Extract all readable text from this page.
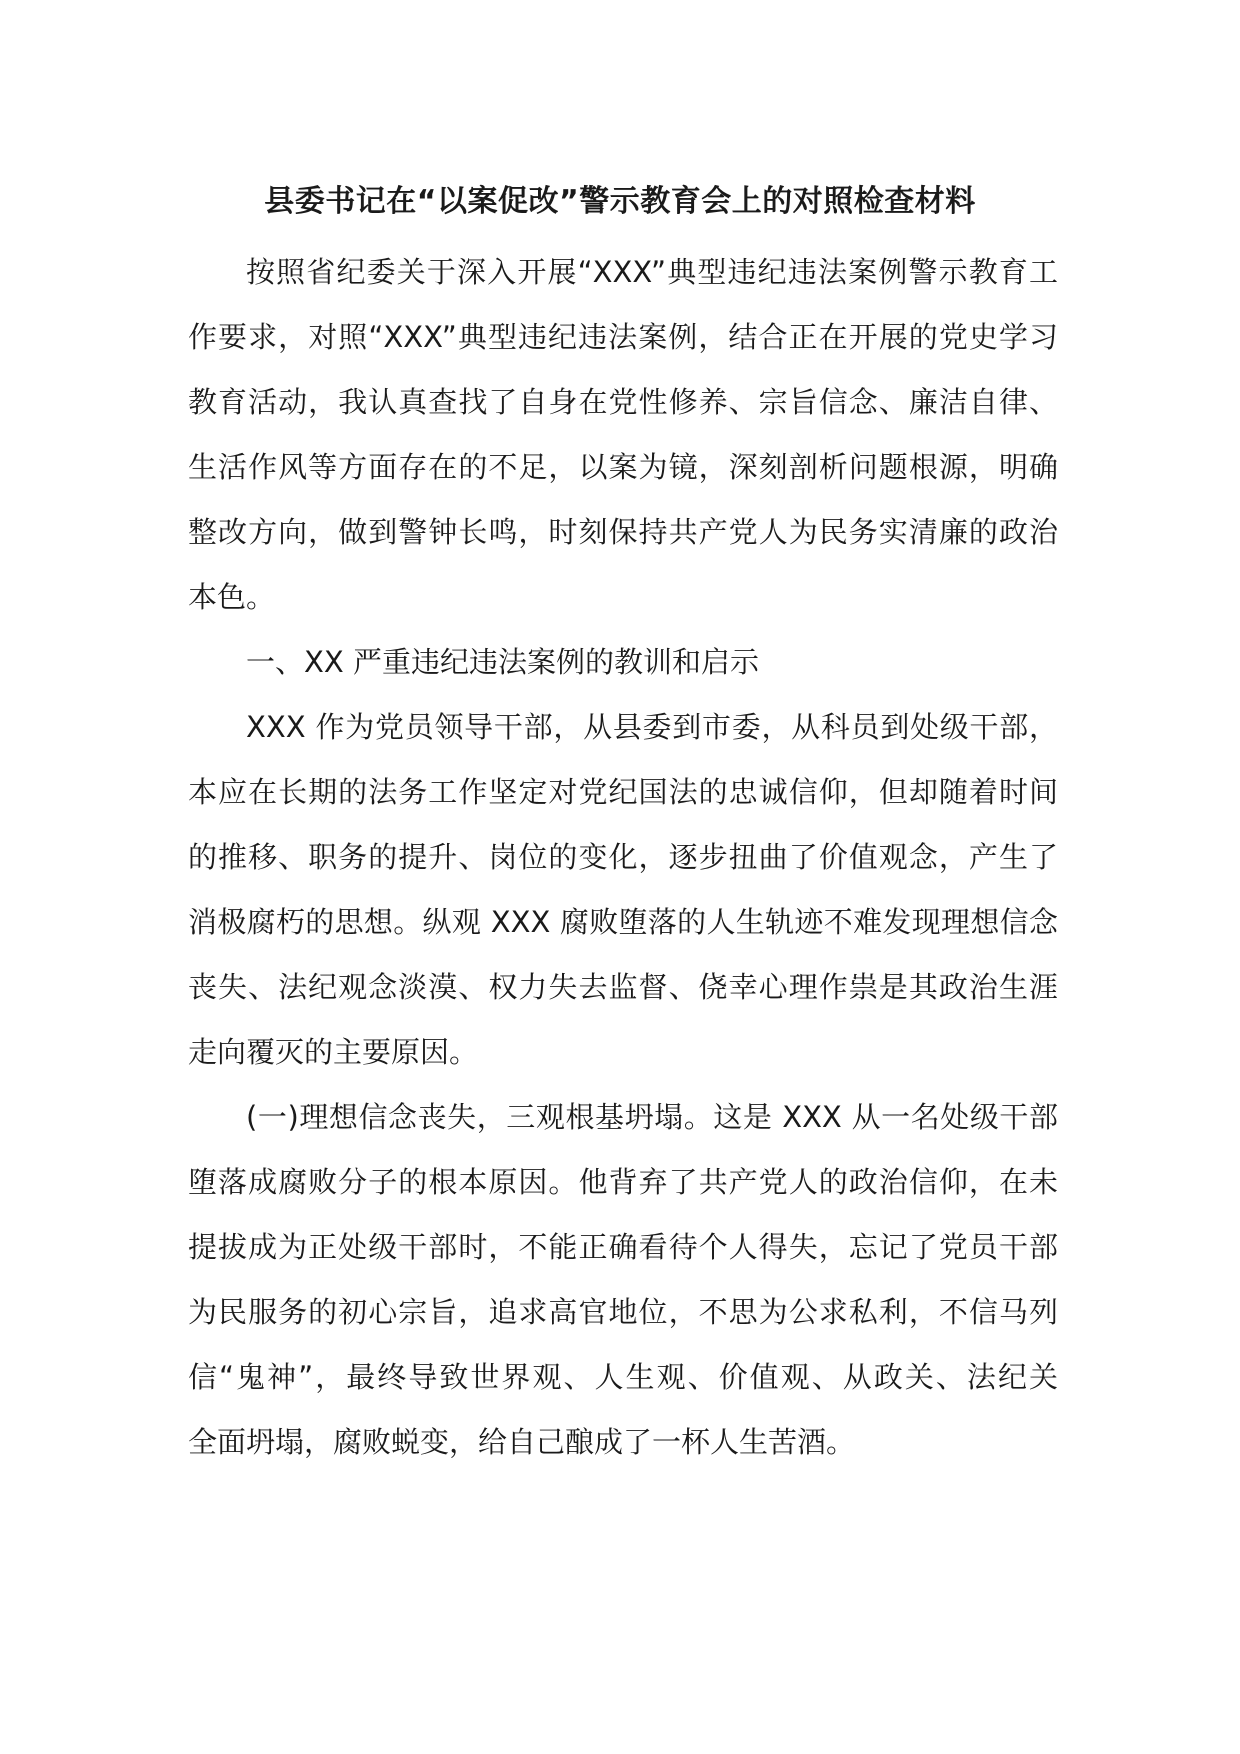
县委书记在“以案促改”警示教育会上的对照检查材料
按照省纪委关于深入开展“XXX”典型违纪违法案例警示教育工
作要求，对照“XXX”典型违纪违法案例，结合正在开展的党史学习
教育活动，我认真查找了自身在党性修养、宗旨信念、廉洁自律、
生活作风等方面存在的不足，以案为镜，深刻剖析问题根源，明确
整改方向，做到警钟长鸣，时刻保持共产党人为民务实清廉的政治
本色。
一、XX 严重违纪违法案例的教训和启示
XXX 作为党员领导干部，从县委到市委，从科员到处级干部，
本应在长期的法务工作坚定对党纪国法的忠诚信仰，但却随着时间
的推移、职务的提升、岗位的变化，逐步扭曲了价值观念，产生了
消极腐朽的思想。纵观 XXX 腐败堕落的人生轨迹不难发现理想信念
丧失、法纪观念淡漠、权力失去监督、侥幸心理作祟是其政治生涯
走向覆灭的主要原因。
(一)理想信念丧失，三观根基坍塌。这是 XXX 从一名处级干部
堕落成腐败分子的根本原因。他背弃了共产党人的政治信仰，在未
提拔成为正处级干部时，不能正确看待个人得失，忘记了党员干部
为民服务的初心宗旨，追求高官地位，不思为公求私利，不信马列
信“鬼神”，最终导致世界观、人生观、价值观、从政关、法纪关
全面坍塌，腐败蜕变，给自己酿成了一杯人生苦酒。
